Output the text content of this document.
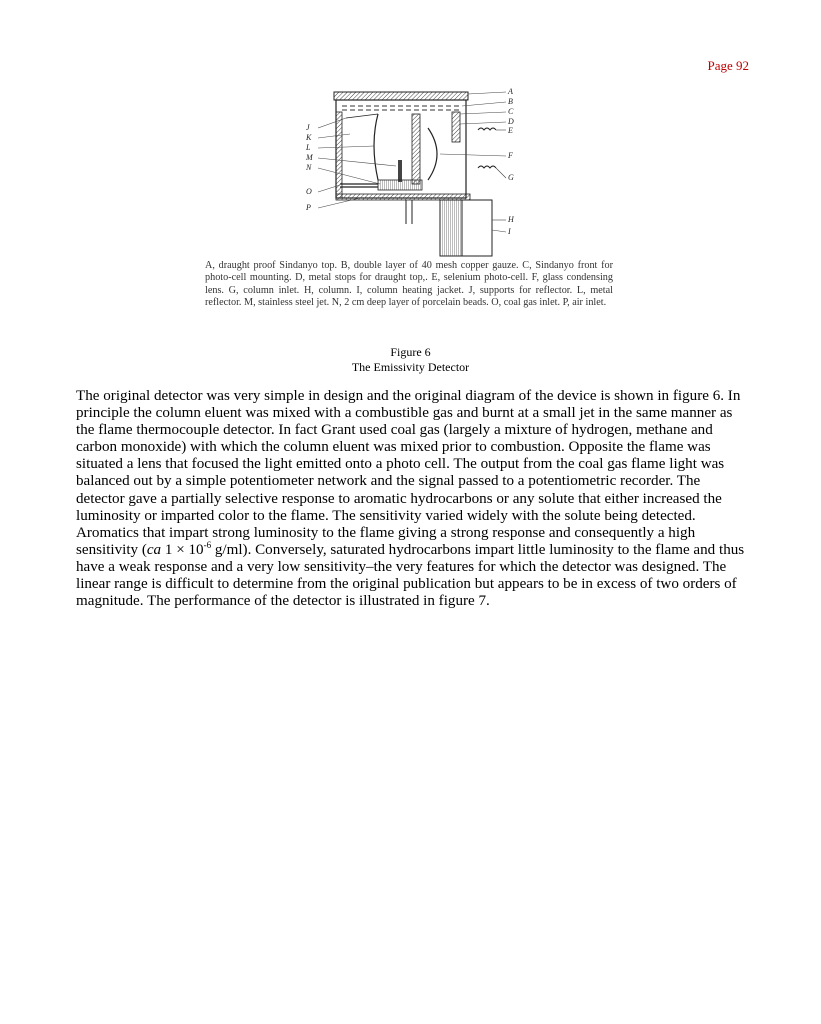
Page 92
A
B
C
D
E
F
G
H
I
J
K
L
M
N
O
P
A, draught proof Sindanyo top. B, double layer of 40 mesh copper gauze. C, Sindanyo front for photo-cell mounting. D, metal stops for draught top,. E, selenium photo-cell. F, glass condensing lens. G, column inlet. H, column. I, column heating jacket. J, supports for reflector. L, metal reflector. M, stainless steel jet. N, 2 cm deep layer of porcelain beads. O, coal gas inlet. P, air inlet.
Figure 6
The Emissivity Detector

The original detector was very simple in design and the original diagram of the device is shown in figure 6. In principle the column eluent was mixed with a combustible gas and burnt at a small jet in the same manner as the flame thermocouple detector. In fact Grant used coal gas (largely a mixture of hydrogen, methane and carbon monoxide) with which the column eluent was mixed prior to combustion. Opposite the flame was situated a lens that focused the light emitted onto a photo cell. The output from the coal gas flame light was balanced out by a simple potentiometer network and the signal passed to a potentiometric recorder. The detector gave a partially selective response to aromatic hydrocarbons or any solute that either increased the luminosity or imparted color to the flame. The sensitivity varied widely with the solute being detected. Aromatics that impart strong luminosity to the flame giving a strong response and consequently a high sensitivity (ca $1 \times 10^{-6}$ g/ml). Conversely, saturated hydrocarbons impart little luminosity to the flame and thus have a weak response and a very low sensitivity–the very features for which the detector was designed. The linear range is difficult to determine from the original publication but appears to be in excess of two orders of magnitude. The performance of the detector is illustrated in figure 7.
